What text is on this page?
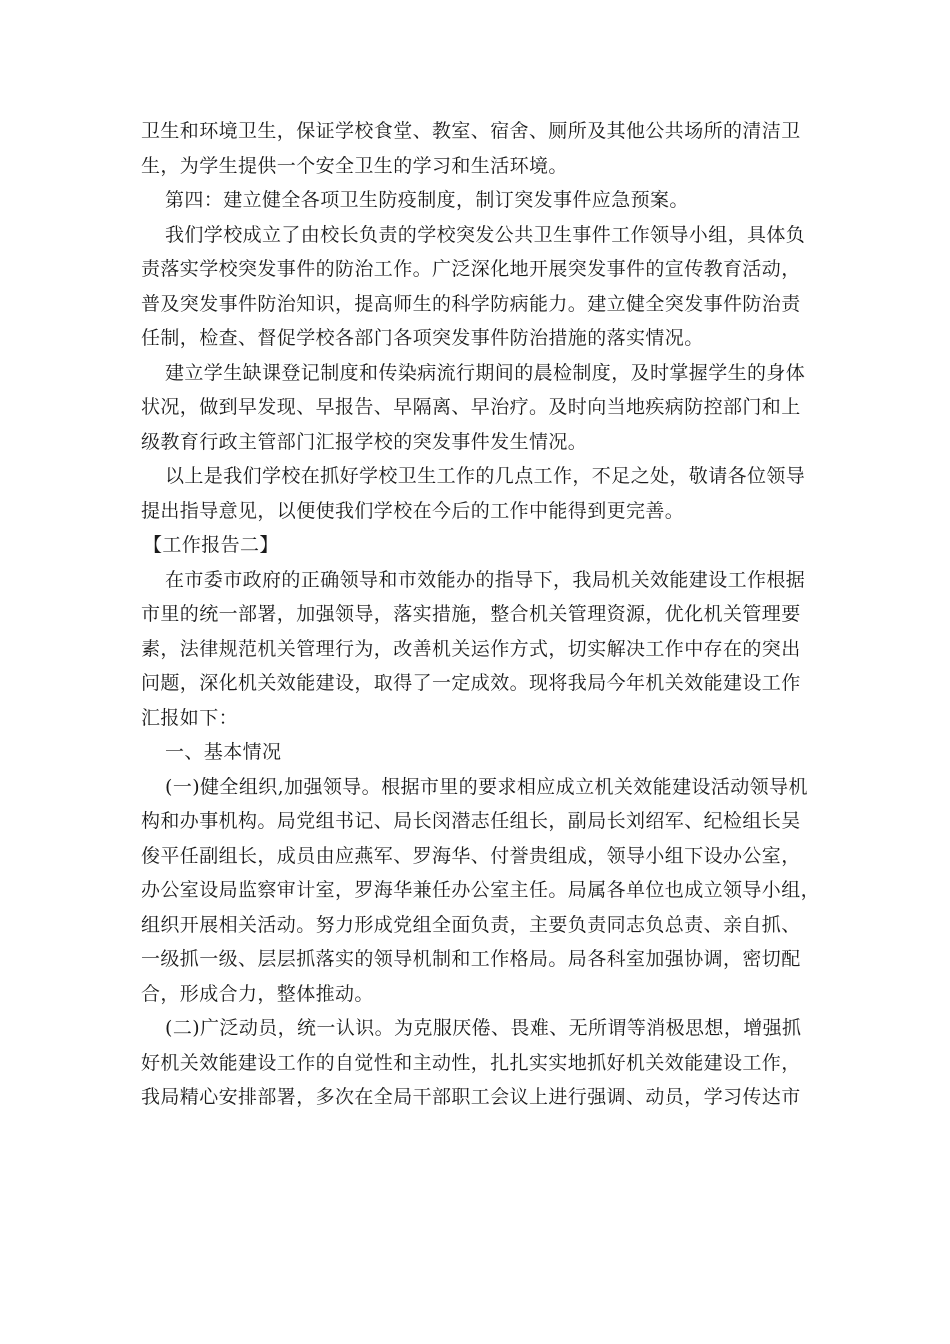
卫生和环境卫生，保证学校食堂、教室、宿舍、厕所及其他公共场所的清洁卫
生，为学生提供一个安全卫生的学习和生活环境。
第四：建立健全各项卫生防疫制度，制订突发事件应急预案。
我们学校成立了由校长负责的学校突发公共卫生事件工作领导小组，具体负
责落实学校突发事件的防治工作。广泛深化地开展突发事件的宣传教育活动，
普及突发事件防治知识，提高师生的科学防病能力。建立健全突发事件防治责
任制，检查、督促学校各部门各项突发事件防治措施的落实情况。
建立学生缺课登记制度和传染病流行期间的晨检制度，及时掌握学生的身体
状况，做到早发现、早报告、早隔离、早治疗。及时向当地疾病防控部门和上
级教育行政主管部门汇报学校的突发事件发生情况。
以上是我们学校在抓好学校卫生工作的几点工作，不足之处，敬请各位领导
提出指导意见，以便使我们学校在今后的工作中能得到更完善。
【工作报告二】
在市委市政府的正确领导和市效能办的指导下，我局机关效能建设工作根据
市里的统一部署，加强领导，落实措施，整合机关管理资源，优化机关管理要
素，法律规范机关管理行为，改善机关运作方式，切实解决工作中存在的突出
问题，深化机关效能建设，取得了一定成效。现将我局今年机关效能建设工作
汇报如下：
一、基本情况
(一)健全组织,加强领导。根据市里的要求相应成立机关效能建设活动领导机
构和办事机构。局党组书记、局长闵潜志任组长，副局长刘绍军、纪检组长吴
俊平任副组长，成员由应燕军、罗海华、付誉贵组成，领导小组下设办公室，
办公室设局监察审计室，罗海华兼任办公室主任。局属各单位也成立领导小组，
组织开展相关活动。努力形成党组全面负责，主要负责同志负总责、亲自抓、
一级抓一级、层层抓落实的领导机制和工作格局。局各科室加强协调，密切配
合，形成合力，整体推动。
(二)广泛动员，统一认识。为克服厌倦、畏难、无所谓等消极思想，增强抓
好机关效能建设工作的自觉性和主动性，扎扎实实地抓好机关效能建设工作，
我局精心安排部署，多次在全局干部职工会议上进行强调、动员，学习传达市
